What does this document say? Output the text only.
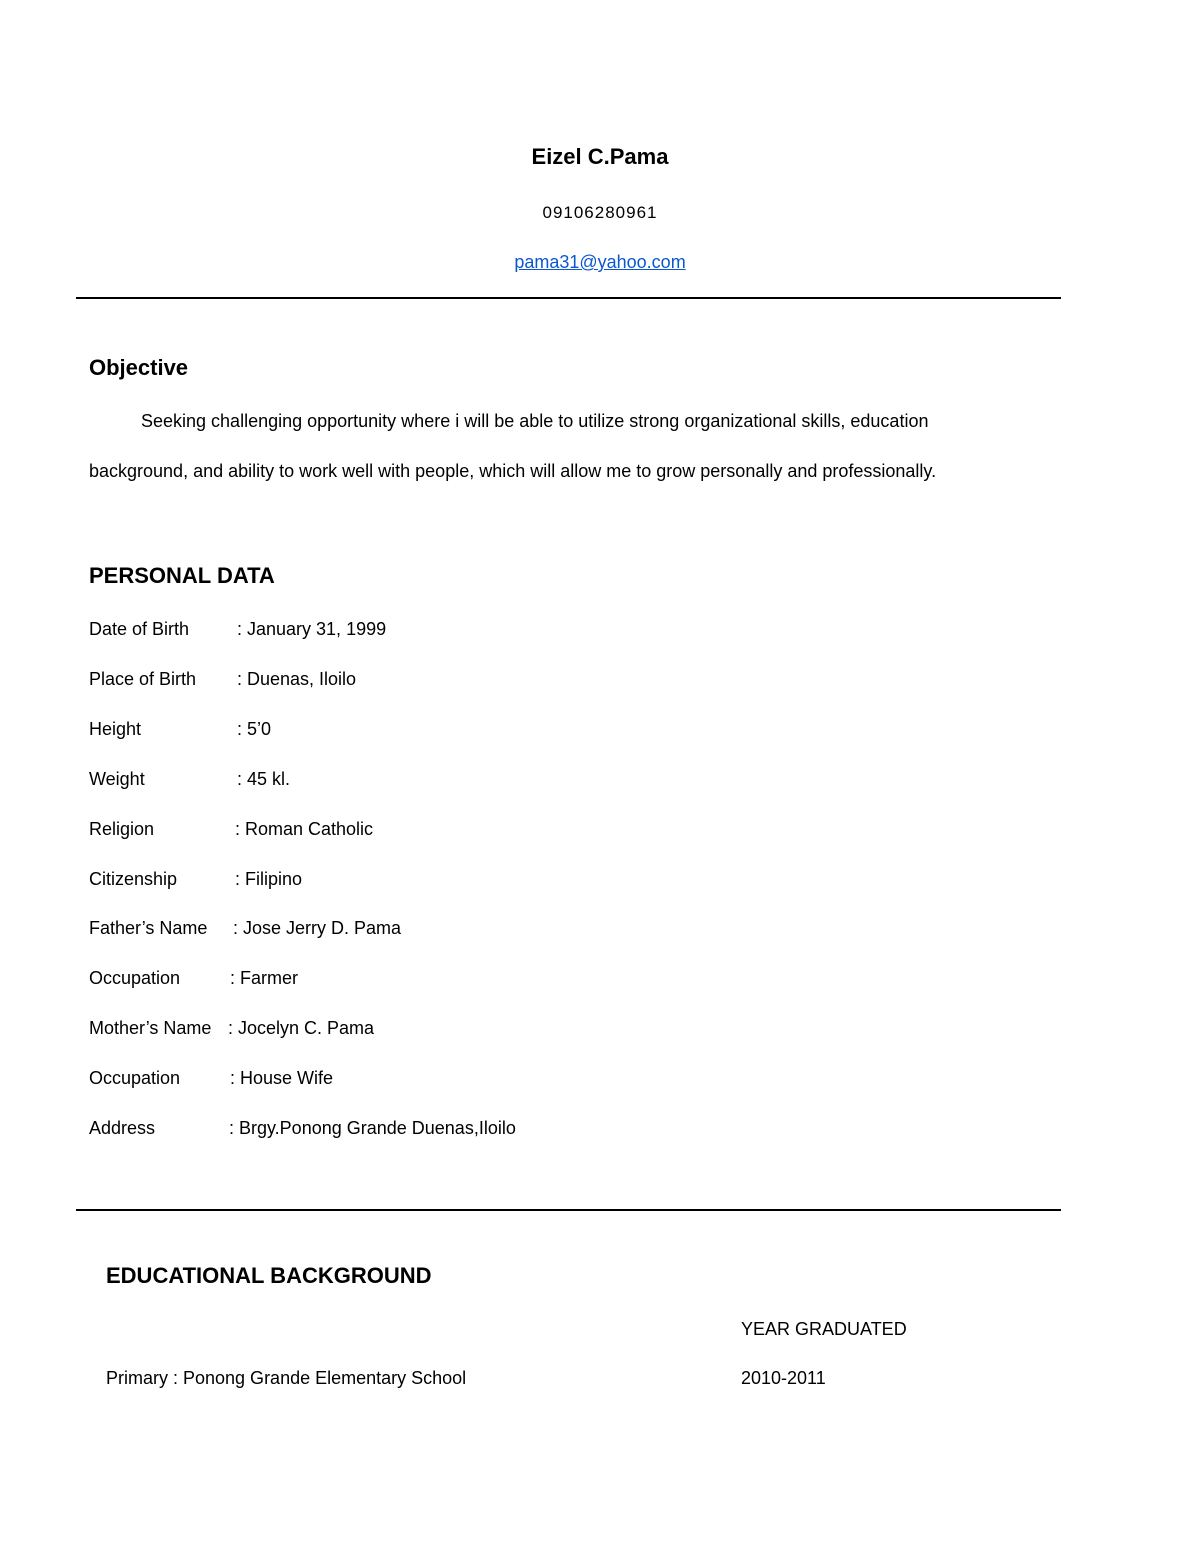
Eizel C.Pama
09106280961
pama31@yahoo.com
Objective
Seeking challenging opportunity where i will be able to utilize strong organizational skills, education
background, and ability to work well with people, which will allow me to grow personally and professionally.
PERSONAL DATA
Date of Birth	: January 31, 1999
Place of Birth : Duenas, Iloilo
Height	: 5’0
Weight	: 45 kl.
Religion	: Roman Catholic
Citizenship	: Filipino
Father’s Name : Jose Jerry D. Pama
Occupation	: Farmer
Mother’s Name : Jocelyn C. Pama
Occupation	: House Wife
Address	: Brgy.Ponong Grande Duenas,Iloilo
EDUCATIONAL BACKGROUND
YEAR GRADUATED
Primary : Ponong Grande Elementary School	2010-2011
